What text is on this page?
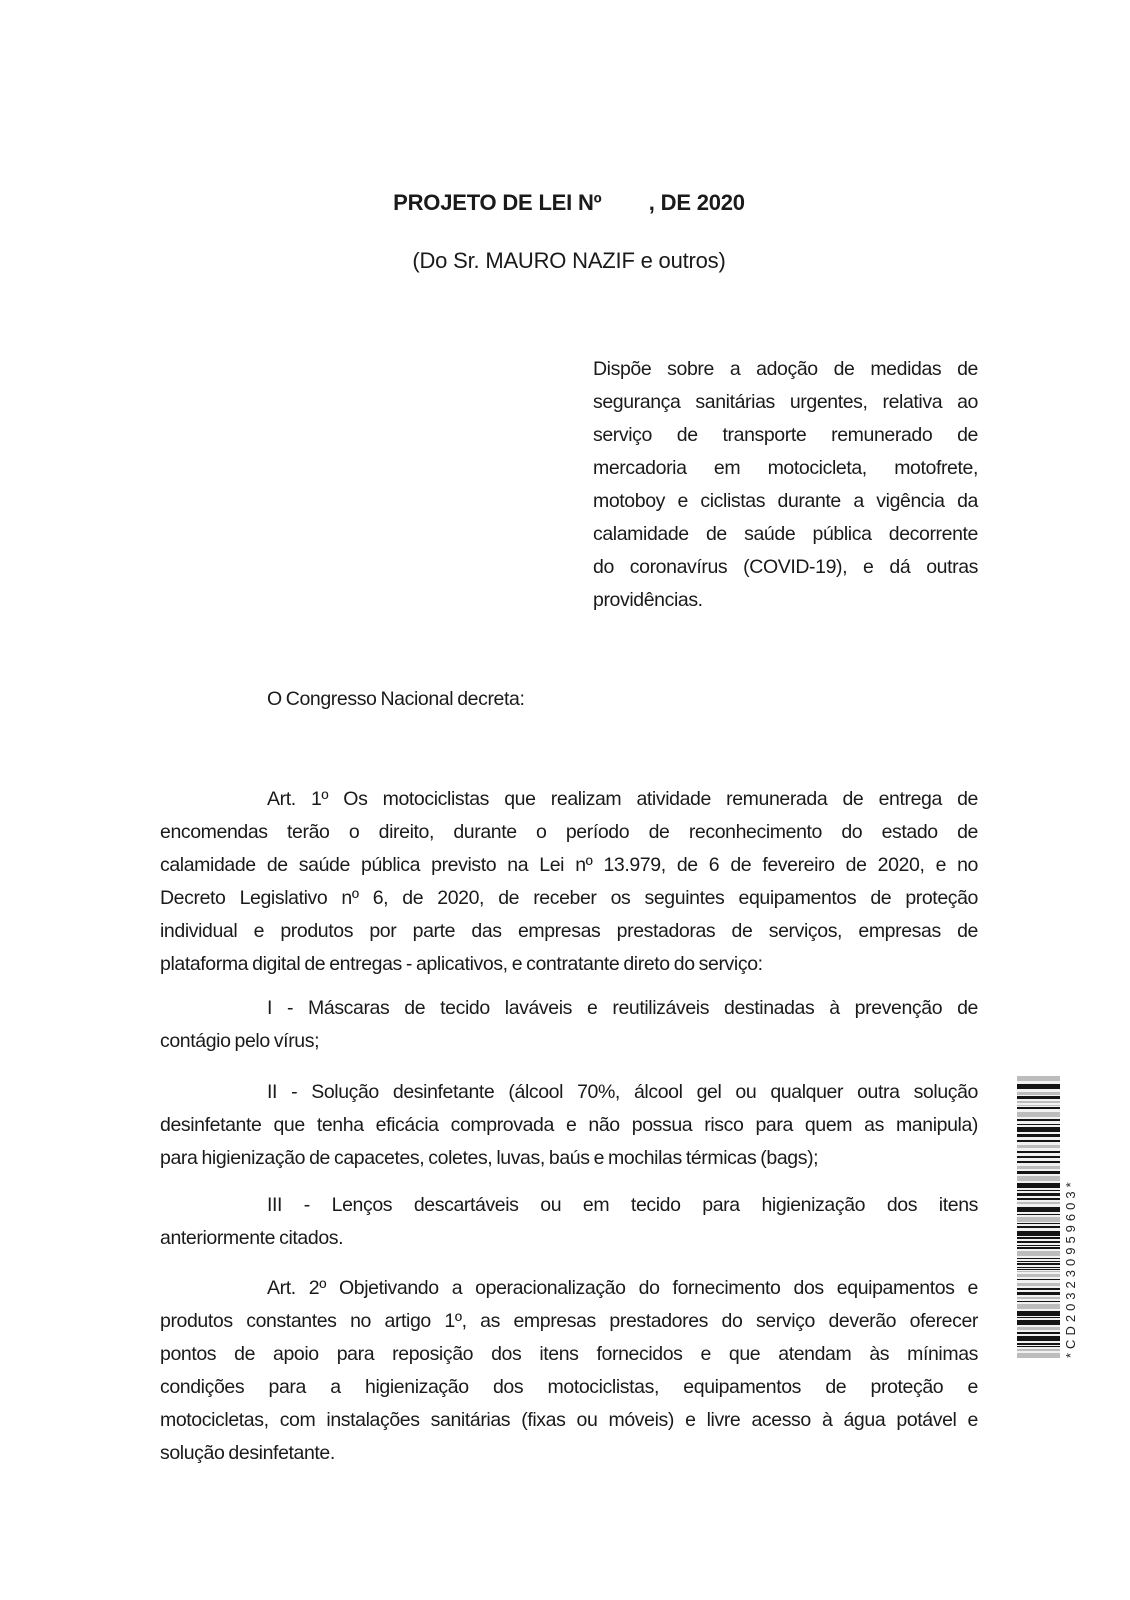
PROJETO DE LEI Nº        , DE 2020
(Do Sr. MAURO NAZIF e outros)
Dispõe sobre a adoção de medidas de
segurança sanitárias urgentes, relativa ao
serviço de transporte remunerado de
mercadoria em motocicleta, motofrete,
motoboy e ciclistas durante a vigência da
calamidade de saúde pública decorrente
do coronavírus (COVID-19), e dá outras
providências.
O Congresso Nacional decreta:
Art. 1º Os motociclistas que realizam atividade remunerada de entrega de
encomendas terão o direito, durante o período de reconhecimento do estado de
calamidade de saúde pública previsto na Lei nº 13.979, de 6 de fevereiro de 2020, e no
Decreto Legislativo nº 6, de 2020, de receber os seguintes equipamentos de proteção
individual e produtos por parte das empresas prestadoras de serviços, empresas de
plataforma digital de entregas - aplicativos, e contratante direto do serviço:
I - Máscaras de tecido laváveis e reutilizáveis destinadas à prevenção de
contágio pelo vírus;
II - Solução desinfetante (álcool 70%, álcool gel ou qualquer outra solução
desinfetante que tenha eficácia comprovada e não possua risco para quem as manipula)
para higienização de capacetes, coletes, luvas, baús e mochilas térmicas (bags);
III - Lenços descartáveis ou em tecido para higienização dos itens
anteriormente citados.
Art. 2º Objetivando a operacionalização do fornecimento dos equipamentos e
produtos constantes no artigo 1º, as empresas prestadores do serviço deverão oferecer
pontos de apoio para reposição dos itens fornecidos e que atendam às mínimas
condições para a higienização dos motociclistas, equipamentos de proteção e
motocicletas, com instalações sanitárias (fixas ou móveis) e livre acesso à água potável e
solução desinfetante.
*CD203230959603*
